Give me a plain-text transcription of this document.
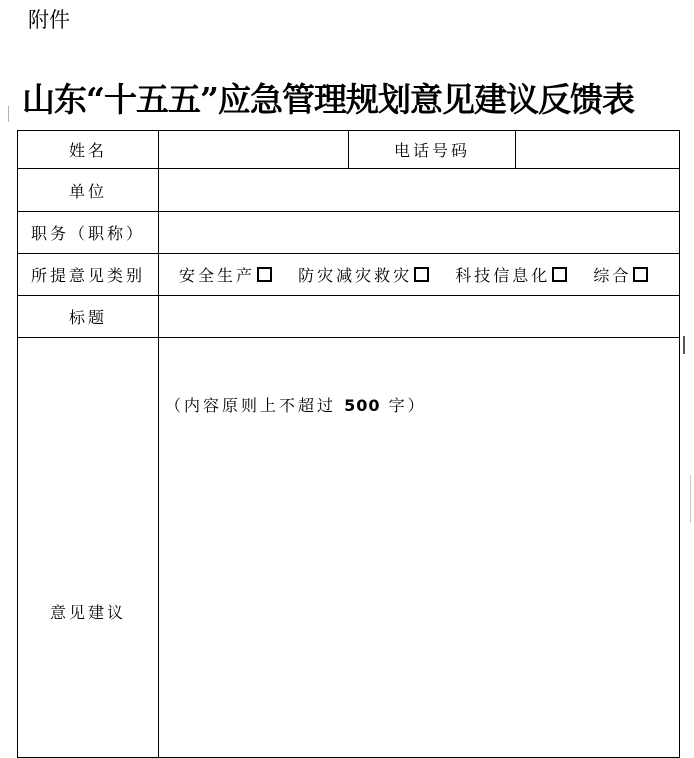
附件
山东“十五五”应急管理规划意见建议反馈表
姓名		电话号码	
单位			
职务（职称）			
所提意见类别	安全生产 防灾减灾救灾 科技信息化 综合		
标题			
意见建议	（内容原则上不超过 500 字）		
